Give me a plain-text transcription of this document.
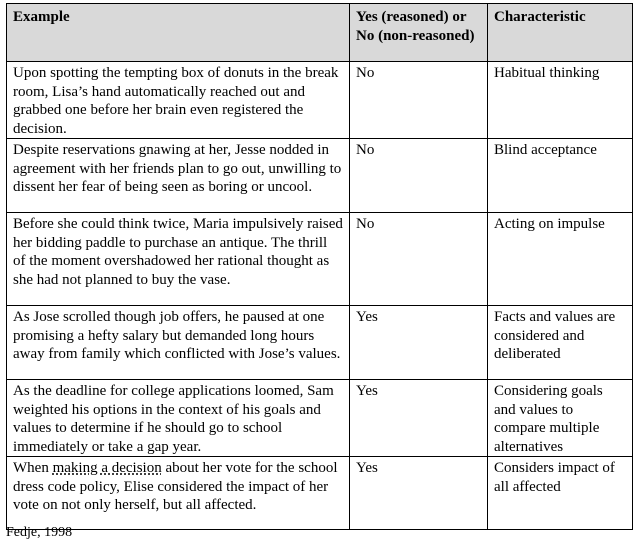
Example	Yes (reasoned) or No (non-reasoned)	Characteristic

Upon spotting the tempting box of donuts in the break room, Lisa’s hand automatically reached out and grabbed one before her brain even registered the decision.	No	Habitual thinking

Despite reservations gnawing at her, Jesse nodded in agreement with her friends plan to go out, unwilling to dissent her fear of being seen as boring or uncool.	No	Blind acceptance

Before she could think twice, Maria impulsively raised her bidding paddle to purchase an antique. The thrill of the moment overshadowed her rational thought as she had not planned to buy the vase.	No	Acting on impulse

As Jose scrolled though job offers, he paused at one promising a hefty salary but demanded long hours away from family which conflicted with Jose’s values.	Yes	Facts and values are considered and deliberated

As the deadline for college applications loomed, Sam weighted his options in the context of his goals and values to determine if he should go to school immediately or take a gap year.	Yes	Considering goals and values to compare multiple alternatives

When making a decision about her vote for the school dress code policy, Elise considered the impact of her vote on not only herself, but all affected.	Yes	Considers impact of all affected
Fedje, 1998
